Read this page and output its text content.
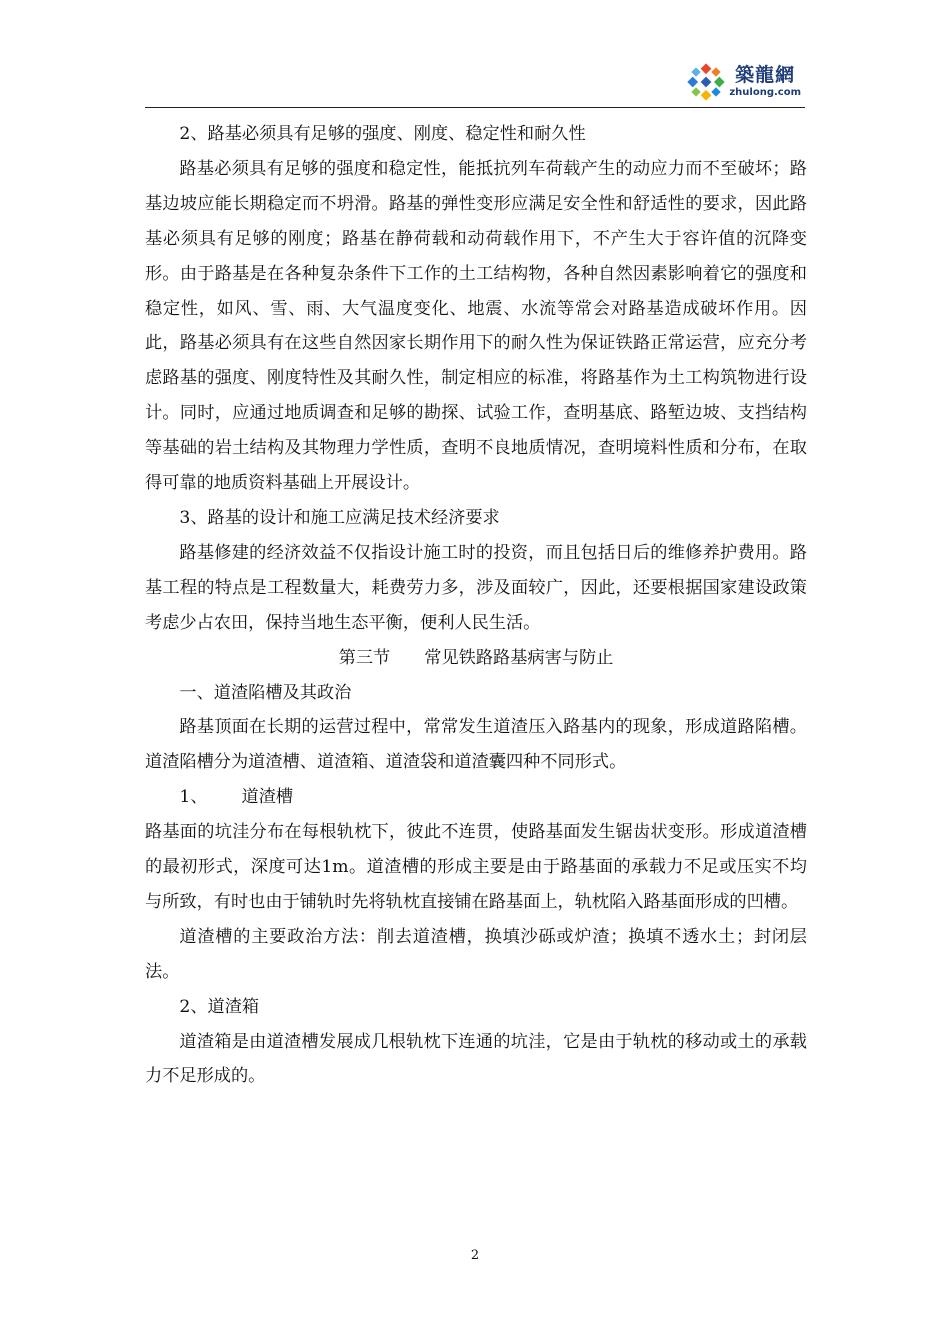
築龍網
zhulong.com

2、路基必须具有足够的强度、刚度、稳定性和耐久性

路基必须具有足够的强度和稳定性，能抵抗列车荷载产生的动应力而不至破坏；路基边坡应能长期稳定而不坍滑。路基的弹性变形应满足安全性和舒适性的要求，因此路基必须具有足够的刚度；路基在静荷载和动荷载作用下，不产生大于容许值的沉降变形。由于路基是在各种复杂条件下工作的土工结构物，各种自然因素影响着它的强度和稳定性，如风、雪、雨、大气温度变化、地震、水流等常会对路基造成破坏作用。因此，路基必须具有在这些自然因家长期作用下的耐久性为保证铁路正常运营，应充分考虑路基的强度、刚度特性及其耐久性，制定相应的标准，将路基作为土工构筑物进行设计。同时，应通过地质调查和足够的勘探、试验工作，查明基底、路堑边坡、支挡结构等基础的岩土结构及其物理力学性质，查明不良地质情况，查明境料性质和分布，在取得可靠的地质资料基础上开展设计。

3、路基的设计和施工应满足技术经济要求

路基修建的经济效益不仅指设计施工时的投资，而且包括日后的维修养护费用。路基工程的特点是工程数量大，耗费劳力多，涉及面较广，因此，还要根据国家建设政策考虑少占农田，保持当地生态平衡，便利人民生活。

第三节 常见铁路路基病害与防止

一、道渣陷槽及其政治

路基顶面在长期的运营过程中，常常发生道渣压入路基内的现象，形成道路陷槽。道渣陷槽分为道渣槽、道渣箱、道渣袋和道渣囊四种不同形式。

1、 道渣槽

路基面的坑洼分布在每根轨枕下，彼此不连贯，使路基面发生锯齿状变形。形成道渣槽的最初形式，深度可达1m。道渣槽的形成主要是由于路基面的承载力不足或压实不均与所致，有时也由于铺轨时先将轨枕直接铺在路基面上，轨枕陷入路基面形成的凹槽。

道渣槽的主要政治方法：削去道渣槽，换填沙砾或炉渣；换填不透水土；封闭层法。

2、道渣箱

道渣箱是由道渣槽发展成几根轨枕下连通的坑洼，它是由于轨枕的移动或土的承载力不足形成的。

2
